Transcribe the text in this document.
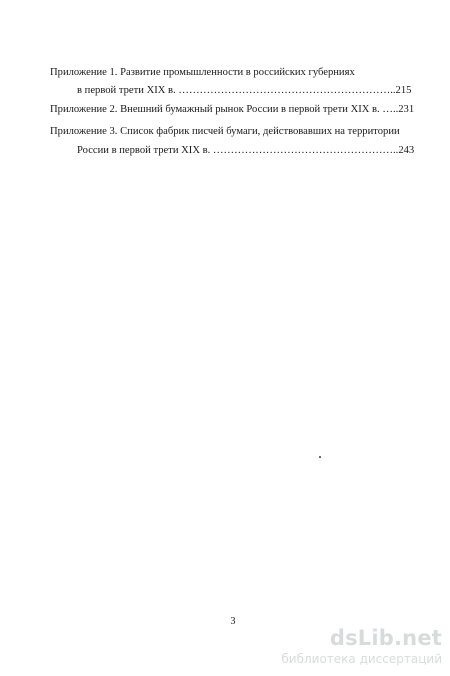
Приложение 1. Развитие промышленности в российских губерниях
в первой трети XIX в. ……………………………………………………..215
Приложение 2. Внешний бумажный рынок России в первой трети XIX в. …..231
Приложение 3. Список фабрик писчей бумаги, действовавших на территории
России в первой трети XIX в. ……………………………………………..243
3
dsLib.net
библиотека диссертаций
